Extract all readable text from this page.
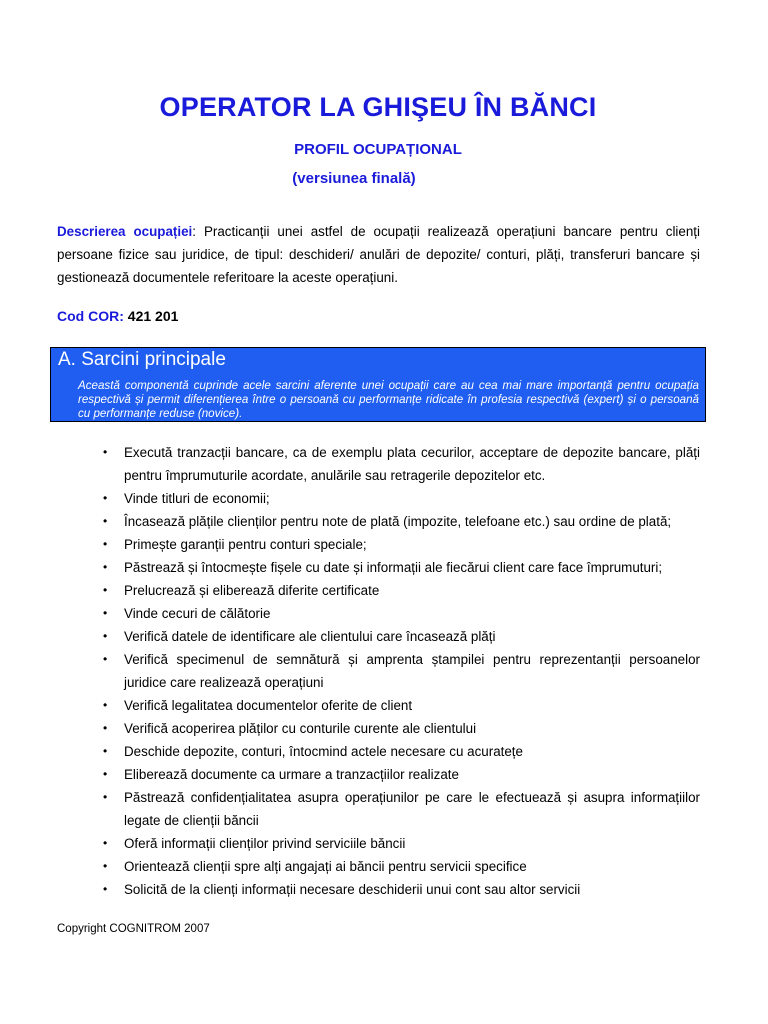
OPERATOR LA GHIŞEU ÎN BĂNCI
PROFIL OCUPAȚIONAL
(versiunea finală)
Descrierea ocupației: Practicanții unei astfel de ocupații realizează operațiuni bancare pentru clienți persoane fizice sau juridice, de tipul: deschideri/ anulări de depozite/ conturi, plăți, transferuri bancare și gestionează documentele referitoare la aceste operațiuni.
Cod COR: 421 201
A. Sarcini principale
Această componentă cuprinde acele sarcini aferente unei ocupații care au cea mai mare importanță pentru ocupația respectivă și permit diferențierea între o persoană cu performanțe ridicate în profesia respectivă (expert) și o persoană cu performanțe reduse (novice).
• Execută tranzacții bancare, ca de exemplu plata cecurilor, acceptare de depozite bancare, plăți pentru împrumuturile acordate, anulările sau retragerile depozitelor etc.
• Vinde titluri de economii;
• Încasează plățile clienților pentru note de plată (impozite, telefoane etc.) sau ordine de plată;
• Primește garanții pentru conturi speciale;
• Păstrează și întocmește fișele cu date și informații ale fiecărui client care face împrumuturi;
• Prelucrează și eliberează diferite certificate
• Vinde cecuri de călătorie
• Verifică datele de identificare ale clientului care încasează plăți
• Verifică specimenul de semnătură și amprenta ștampilei pentru reprezentanții persoanelor juridice care realizează operațiuni
• Verifică legalitatea documentelor oferite de client
• Verifică acoperirea plăților cu conturile curente ale clientului
• Deschide depozite, conturi, întocmind actele necesare cu acuratețe
• Eliberează documente ca urmare a tranzacțiilor realizate
• Păstrează confidențialitatea asupra operațiunilor pe care le efectuează și asupra informațiilor legate de clienții băncii
• Oferă informații clienților privind serviciile băncii
• Orientează clienții spre alți angajați ai băncii pentru servicii specifice
• Solicită de la clienți informații necesare deschiderii unui cont sau altor servicii
Copyright COGNITROM 2007
